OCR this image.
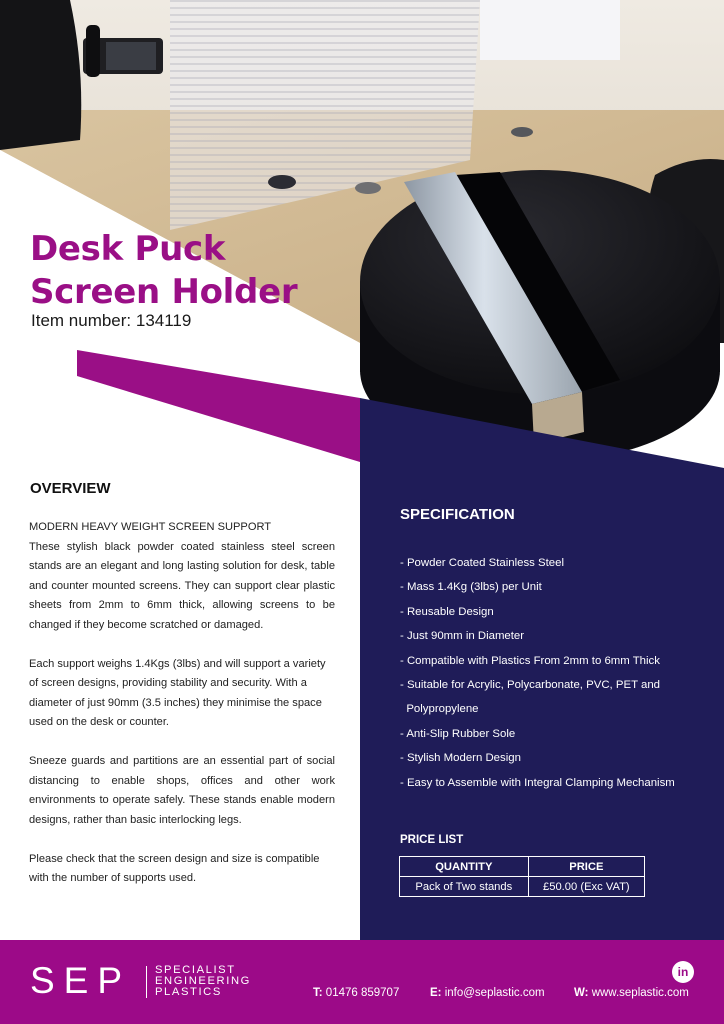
Desk Puck
Screen Holder
Item number: 134119
OVERVIEW

MODERN HEAVY WEIGHT SCREEN SUPPORT

These stylish black powder coated stainless steel screen stands are an elegant and long lasting solution for desk, table and counter mounted screens. They can support clear plastic sheets from 2mm to 6mm thick, allowing screens to be changed if they become scratched or damaged.

Each support weighs 1.4Kgs (3lbs) and will support a variety of screen designs, providing stability and security. With a diameter of just 90mm (3.5 inches) they minimise the space used on the desk or counter.

Sneeze guards and partitions are an essential part of social distancing to enable shops, offices and other work environments to operate safely. These stands enable modern designs, rather than basic interlocking legs.

Please check that the screen design and size is compatible with the number of supports used.

SPECIFICATION
- Powder Coated Stainless Steel
- Mass 1.4Kg (3lbs) per Unit
- Reusable Design
- Just 90mm in Diameter
- Compatible with Plastics From 2mm to 6mm Thick
- Suitable for Acrylic, Polycarbonate, PVC, PET and
Polypropylene
- Anti-Slip Rubber Sole
- Stylish Modern Design
- Easy to Assemble with Integral Clamping Mechanism
PRICE LIST
QUANTITY	PRICE
Pack of Two stands	£50.00 (Exc VAT)
SEP SPECIALIST
ENGINEERING
PLASTICS	T: 01476 859707	E: info@seplastic.com	W: www.seplastic.com
in
